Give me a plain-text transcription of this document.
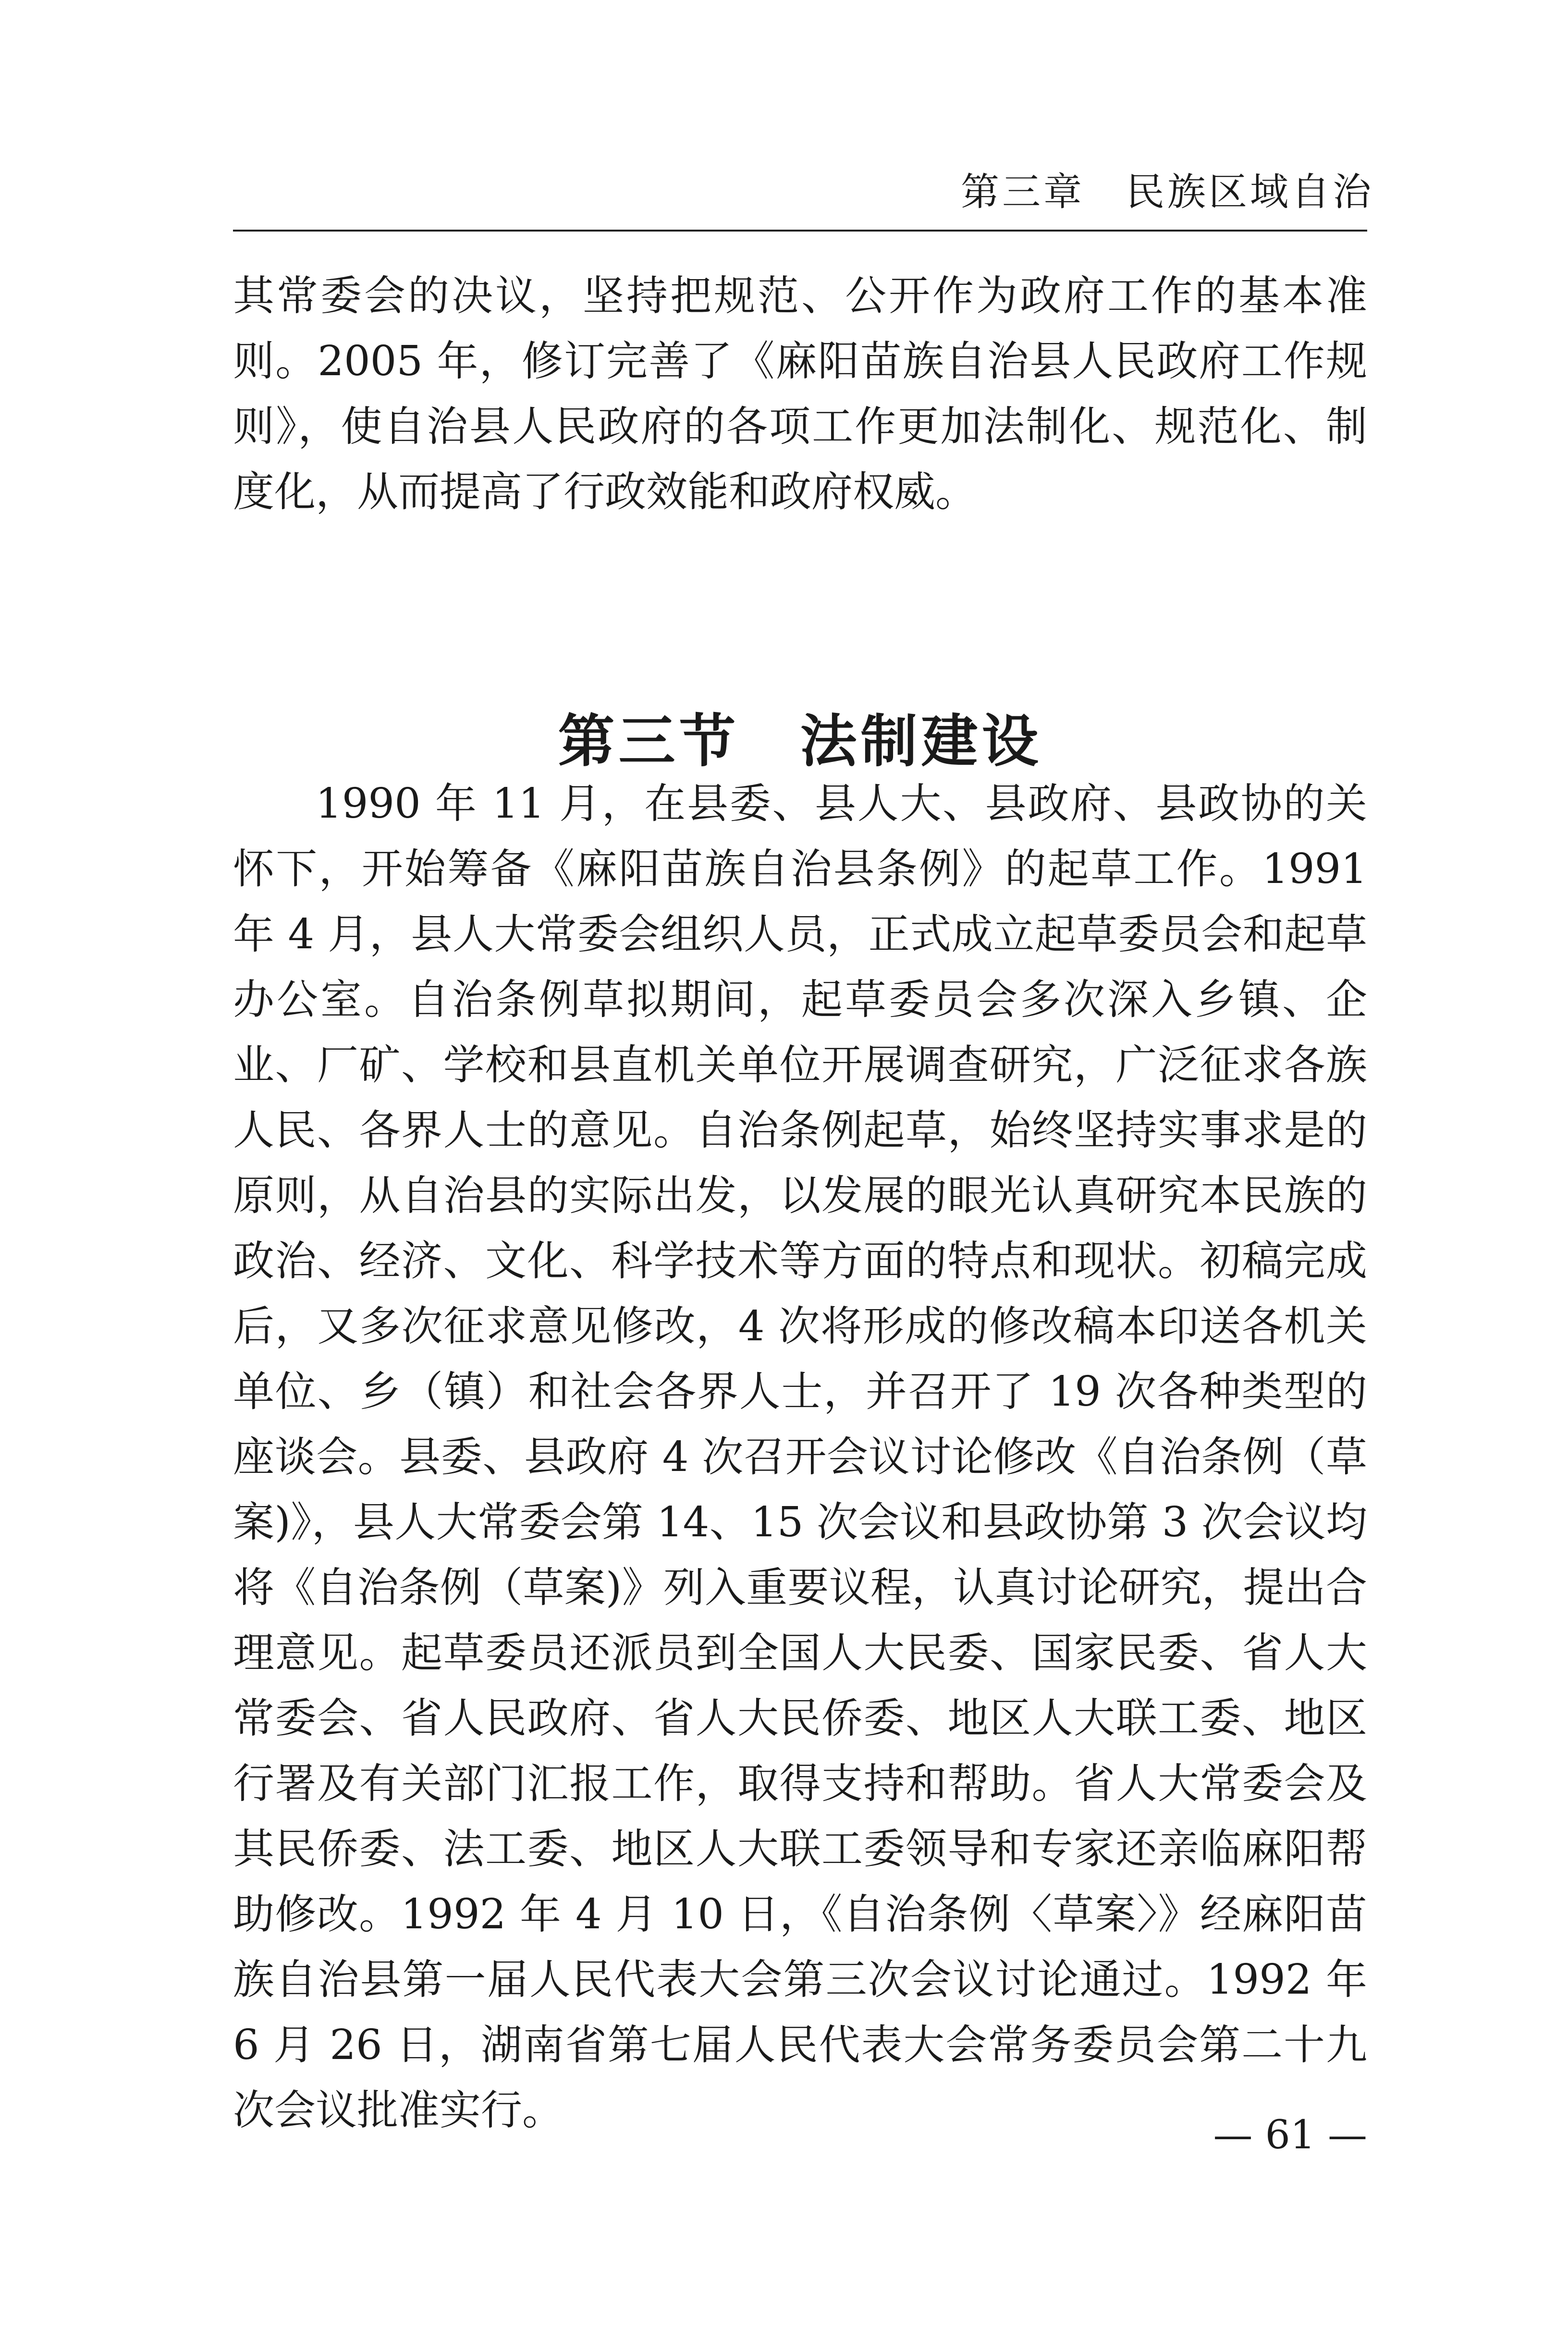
第三章　民族区域自治

其常委会的决议，坚持把规范、公开作为政府工作的基本准则。2005 年，修订完善了《麻阳苗族自治县人民政府工作规则》，使自治县人民政府的各项工作更加法制化、规范化、制度化，从而提高了行政效能和政府权威。

第三节　法制建设

1990 年 11 月，在县委、县人大、县政府、县政协的关怀下，开始筹备《麻阳苗族自治县条例》的起草工作。1991 年 4 月，县人大常委会组织人员，正式成立起草委员会和起草办公室。自治条例草拟期间，起草委员会多次深入乡镇、企业、厂矿、学校和县直机关单位开展调查研究，广泛征求各族人民、各界人士的意见。自治条例起草，始终坚持实事求是的原则，从自治县的实际出发，以发展的眼光认真研究本民族的政治、经济、文化、科学技术等方面的特点和现状。初稿完成后，又多次征求意见修改，4 次将形成的修改稿本印送各机关单位、乡（镇）和社会各界人士，并召开了 19 次各种类型的座谈会。县委、县政府 4 次召开会议讨论修改《自治条例（草案)》，县人大常委会第 14、15 次会议和县政协第 3 次会议均将《自治条例（草案)》列入重要议程，认真讨论研究，提出合理意见。起草委员还派员到全国人大民委、国家民委、省人大常委会、省人民政府、省人大民侨委、地区人大联工委、地区行署及有关部门汇报工作，取得支持和帮助。省人大常委会及其民侨委、法工委、地区人大联工委领导和专家还亲临麻阳帮助修改。1992 年 4 月 10 日，《自治条例〈草案〉》经麻阳苗族自治县第一届人民代表大会第三次会议讨论通过。1992 年 6 月 26 日，湖南省第七届人民代表大会常务委员会第二十九次会议批准实行。

— 61 —
